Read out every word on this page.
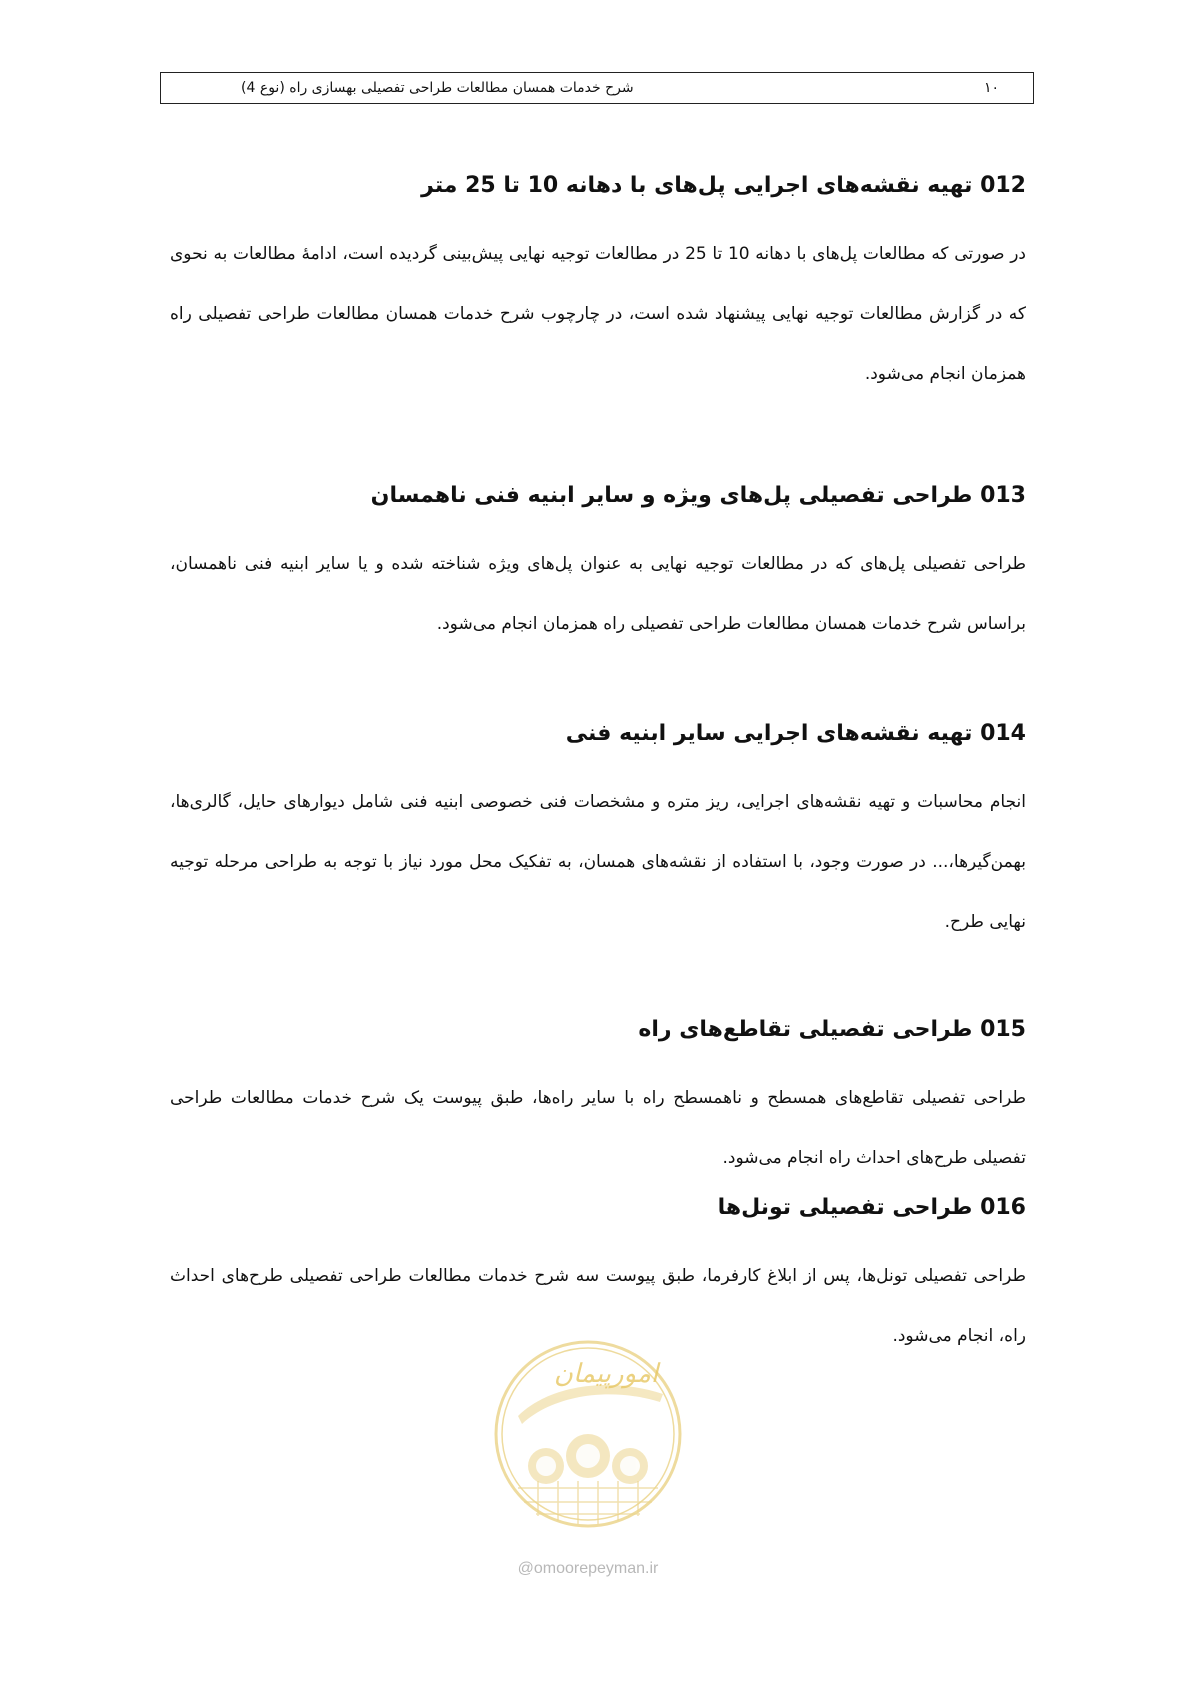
شرح خدمات همسان مطالعات طراحی تفصیلی بهسازی راه (نوع 4)	۱۰
012 تهیه نقشه‌های اجرایی پل‌های با دهانه 10 تا 25 متر

در صورتی که مطالعات پل‌های با دهانه 10 تا 25 در مطالعات توجیه نهایی پیش‌بینی گردیده است، ادامهٔ مطالعات به نحوی که در گزارش مطالعات توجیه نهایی پیشنهاد شده است، در چارچوب شرح خدمات همسان مطالعات طراحی تفصیلی راه همزمان انجام می‌شود.

013 طراحی تفصیلی پل‌های ویژه و سایر ابنیه فنی ناهمسان

طراحی تفصیلی پل‌های که در مطالعات توجیه نهایی به عنوان پل‌های ویژه شناخته شده و یا سایر ابنیه فنی ناهمسان، براساس شرح خدمات همسان مطالعات طراحی تفصیلی راه همزمان انجام می‌شود.

014 تهیه نقشه‌های اجرایی سایر ابنیه فنی

انجام محاسبات و تهیه نقشه‌های اجرایی، ریز متره و مشخصات فنی خصوصی ابنیه فنی شامل دیوارهای حایل، گالری‌ها، بهمن‌گیرها،... در صورت وجود، با استفاده از نقشه‌های همسان، به تفکیک محل مورد نیاز با توجه به طراحی مرحله توجیه نهایی طرح.

015 طراحی تفصیلی تقاطع‌های راه

طراحی تفصیلی تقاطع‌های همسطح و ناهمسطح راه با سایر راه‌ها، طبق پیوست یک شرح خدمات مطالعات طراحی تفصیلی طرح‌های احداث راه انجام می‌شود.

016 طراحی تفصیلی تونل‌ها

طراحی تفصیلی تونل‌ها، پس از ابلاغ کارفرما، طبق پیوست سه شرح خدمات مطالعات طراحی تفصیلی طرح‌های احداث راه، انجام می‌شود.

امورپیمان
@omoorepeyman.ir
